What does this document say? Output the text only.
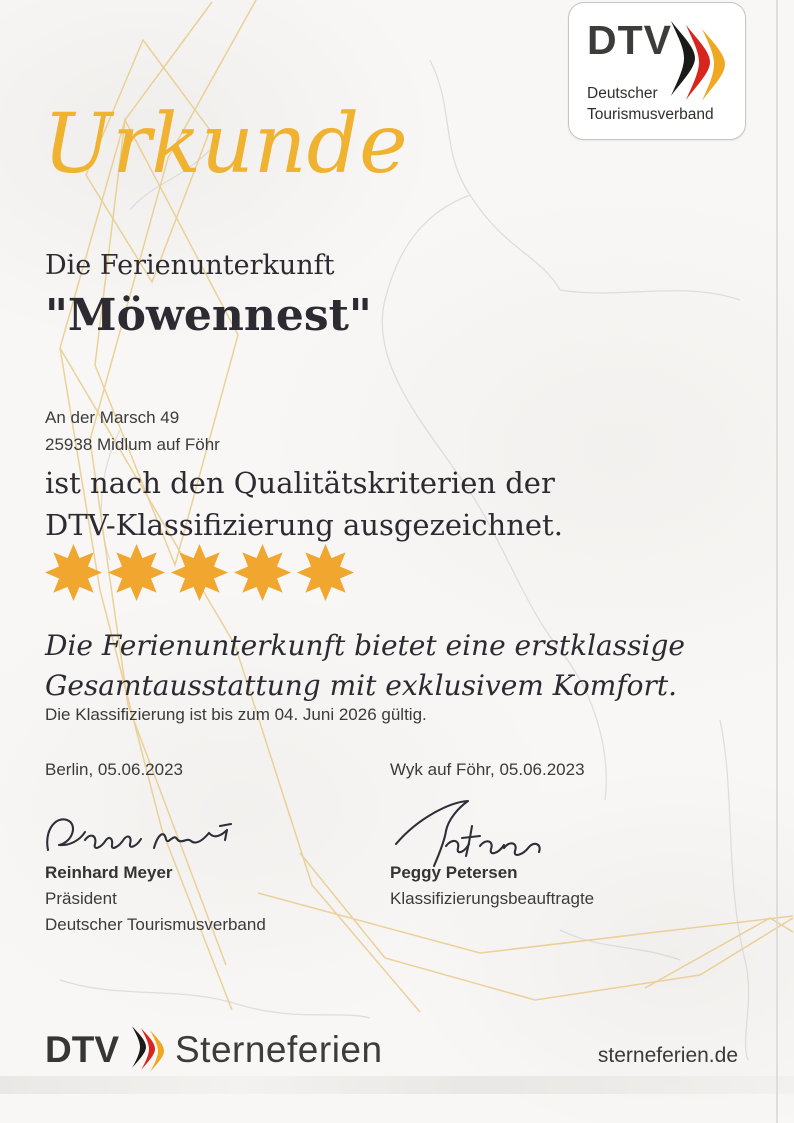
DTV
Deutscher
Tourismusverband
Urkunde
Die Ferienunterkunft
"Möwennest"
An der Marsch 49
25938 Midlum auf Föhr
ist nach den Qualitätskriterien der
DTV-Klassifizierung ausgezeichnet.
Die Ferienunterkunft bietet eine erstklassige
Gesamtausstattung mit exklusivem Komfort.
Die Klassifizierung ist bis zum 04. Juni 2026 gültig.
Berlin, 05.06.2023	Wyk auf Föhr, 05.06.2023
Reinhard Meyer
Präsident
Deutscher Tourismusverband
Peggy Petersen
Klassifizierungsbeauftragte
DTV Sterneferien	sterneferien.de
